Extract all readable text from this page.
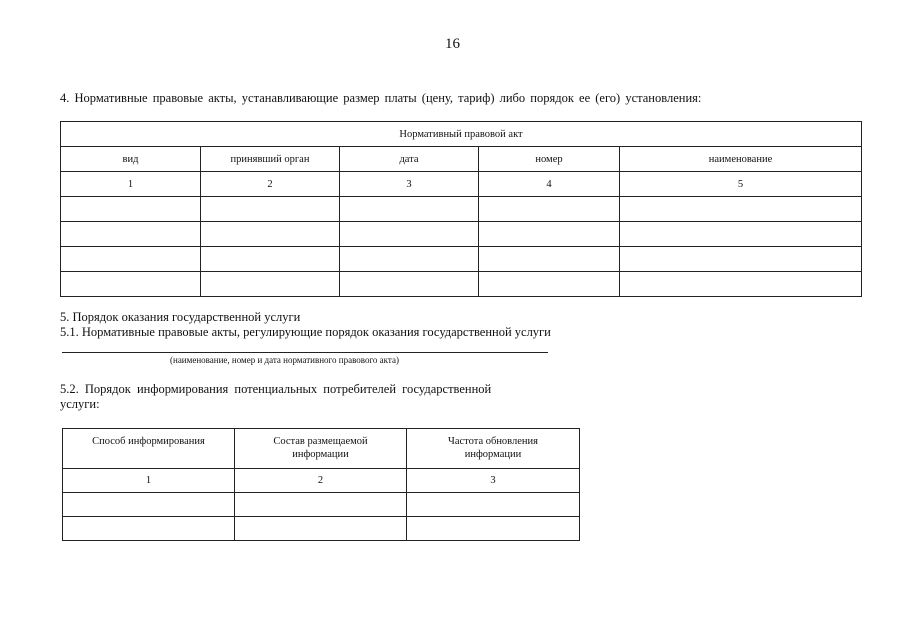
16
4. Нормативные правовые акты, устанавливающие размер платы (цену, тариф) либо порядок ее (его) установления:
Нормативный правовой акт				
вид	принявший орган	дата	номер	наименование
1	2	3	4	5

5. Порядок оказания государственной услуги
5.1. Нормативные правовые акты, регулирующие порядок оказания государственной услуги
(наименование, номер и дата нормативного правового акта)
5.2. Порядок информирования потенциальных потребителей государственной услуги:
Способ информирования	Состав размещаемой информации	Частота обновления информации
1	2	3
